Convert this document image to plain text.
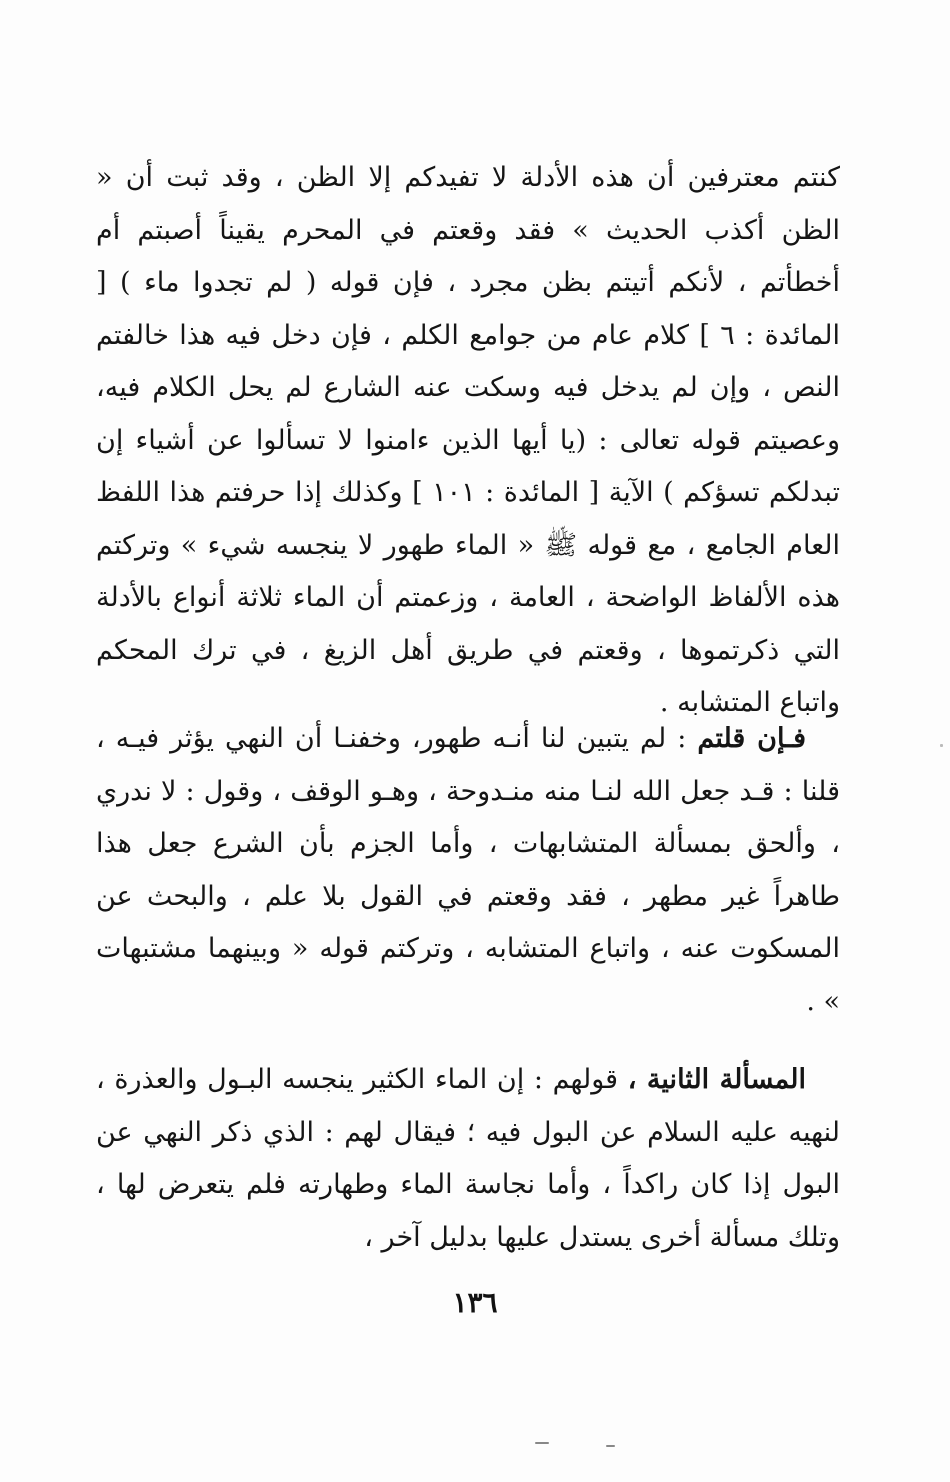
كنتم معترفين أن هذه الأدلة لا تفيدكم إلا الظن ، وقد ثبت أن « الظن أكذب الحديث » فقد وقعتم في المحرم يقيناً أصبتم أم أخطأتم ، لأنكم أتيتم بظن مجرد ، فإن قوله ( لم تجدوا ماء ) [ المائدة : ٦ ] كلام عام من جوامع الكلم ، فإن دخل فيه هذا خالفتم النص ، وإن لم يدخل فيه وسكت عنه الشارع لم يحل الكلام فيه، وعصيتم قوله تعالى : (يا أيها الذين ءامنوا لا تسألوا عن أشياء إن تبدلكم تسؤكم ) الآية [ المائدة : ١٠١ ] وكذلك إذا حرفتم هذا اللفظ العام الجامع ، مع قوله ﷺ « الماء طهور لا ينجسه شيء » وتركتم هذه الألفاظ الواضحة ، العامة ، وزعمتم أن الماء ثلاثة أنواع بالأدلة التي ذكرتموها ، وقعتم في طريق أهل الزيغ ، في ترك المحكم واتباع المتشابه .

فـإن قلتم : لم يتبين لنا أنـه طهور، وخفنـا أن النهي يؤثر فيـه ، قلنا : قـد جعل الله لنـا منه منـدوحة ، وهـو الوقف ، وقول : لا ندري ، وألحق بمسألة المتشابهات ، وأما الجزم بأن الشرع جعل هذا طاهراً غير مطهر ، فقد وقعتم في القول بلا علم ، والبحث عن المسكوت عنه ، واتباع المتشابه ، وتركتم قوله « وبينهما مشتبهات » .

المسألة الثانية ، قولهم : إن الماء الكثير ينجسه البـول والعذرة ، لنهيه عليه السلام عن البول فيه ؛ فيقال لهم : الذي ذكر النهي عن البول إذا كان راكداً ، وأما نجاسة الماء وطهارته فلم يتعرض لها ، وتلك مسألة أخرى يستدل عليها بدليل آخر ،

١٣٦
